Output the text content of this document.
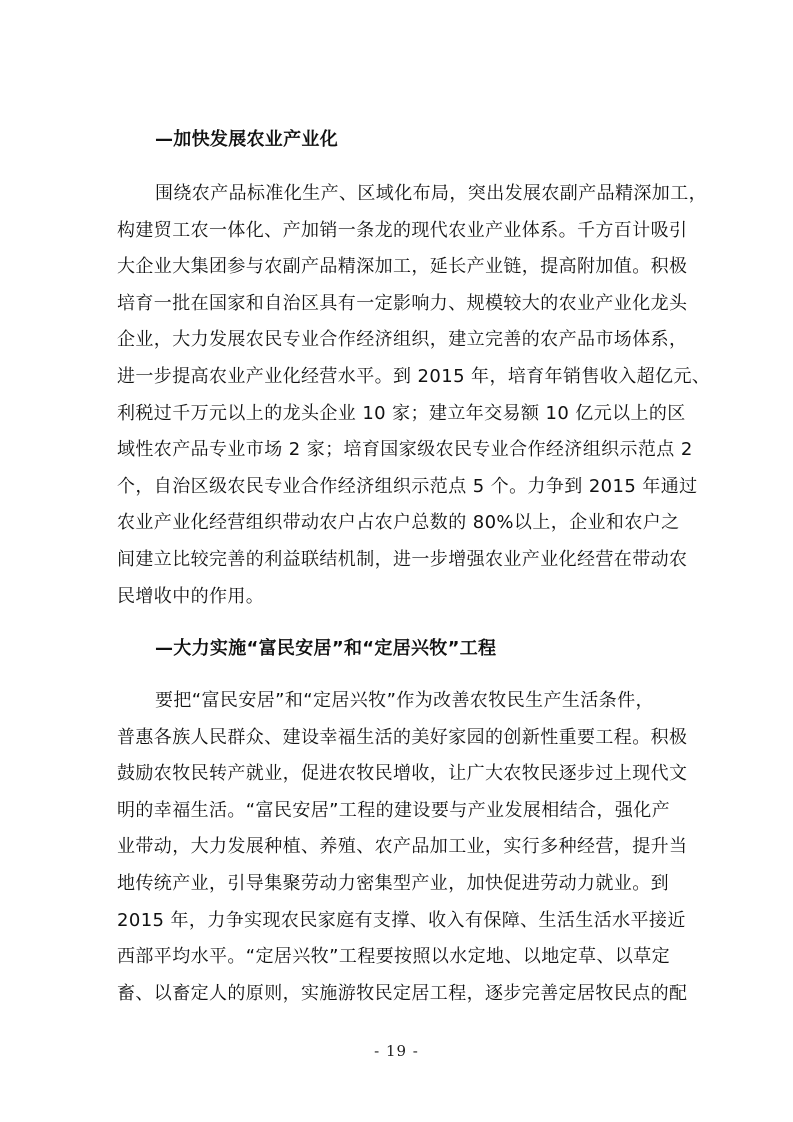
—加快发展农业产业化
围绕农产品标准化生产、区域化布局，突出发展农副产品精深加工，
构建贸工农一体化、产加销一条龙的现代农业产业体系。千方百计吸引
大企业大集团参与农副产品精深加工，延长产业链，提高附加值。积极
培育一批在国家和自治区具有一定影响力、规模较大的农业产业化龙头
企业，大力发展农民专业合作经济组织，建立完善的农产品市场体系，
进一步提高农业产业化经营水平。到 2015 年，培育年销售收入超亿元、
利税过千万元以上的龙头企业 10 家；建立年交易额 10 亿元以上的区
域性农产品专业市场 2 家；培育国家级农民专业合作经济组织示范点 2
个，自治区级农民专业合作经济组织示范点 5 个。力争到 2015 年通过
农业产业化经营组织带动农户占农户总数的 80%以上，企业和农户之
间建立比较完善的利益联结机制，进一步增强农业产业化经营在带动农
民增收中的作用。
—大力实施“富民安居”和“定居兴牧”工程
要把“富民安居”和“定居兴牧”作为改善农牧民生产生活条件，
普惠各族人民群众、建设幸福生活的美好家园的创新性重要工程。积极
鼓励农牧民转产就业，促进农牧民增收，让广大农牧民逐步过上现代文
明的幸福生活。“富民安居”工程的建设要与产业发展相结合，强化产
业带动，大力发展种植、养殖、农产品加工业，实行多种经营，提升当
地传统产业，引导集聚劳动力密集型产业，加快促进劳动力就业。到
2015 年，力争实现农民家庭有支撑、收入有保障、生活生活水平接近
西部平均水平。“定居兴牧”工程要按照以水定地、以地定草、以草定
畜、以畜定人的原则，实施游牧民定居工程，逐步完善定居牧民点的配
- 19 -
